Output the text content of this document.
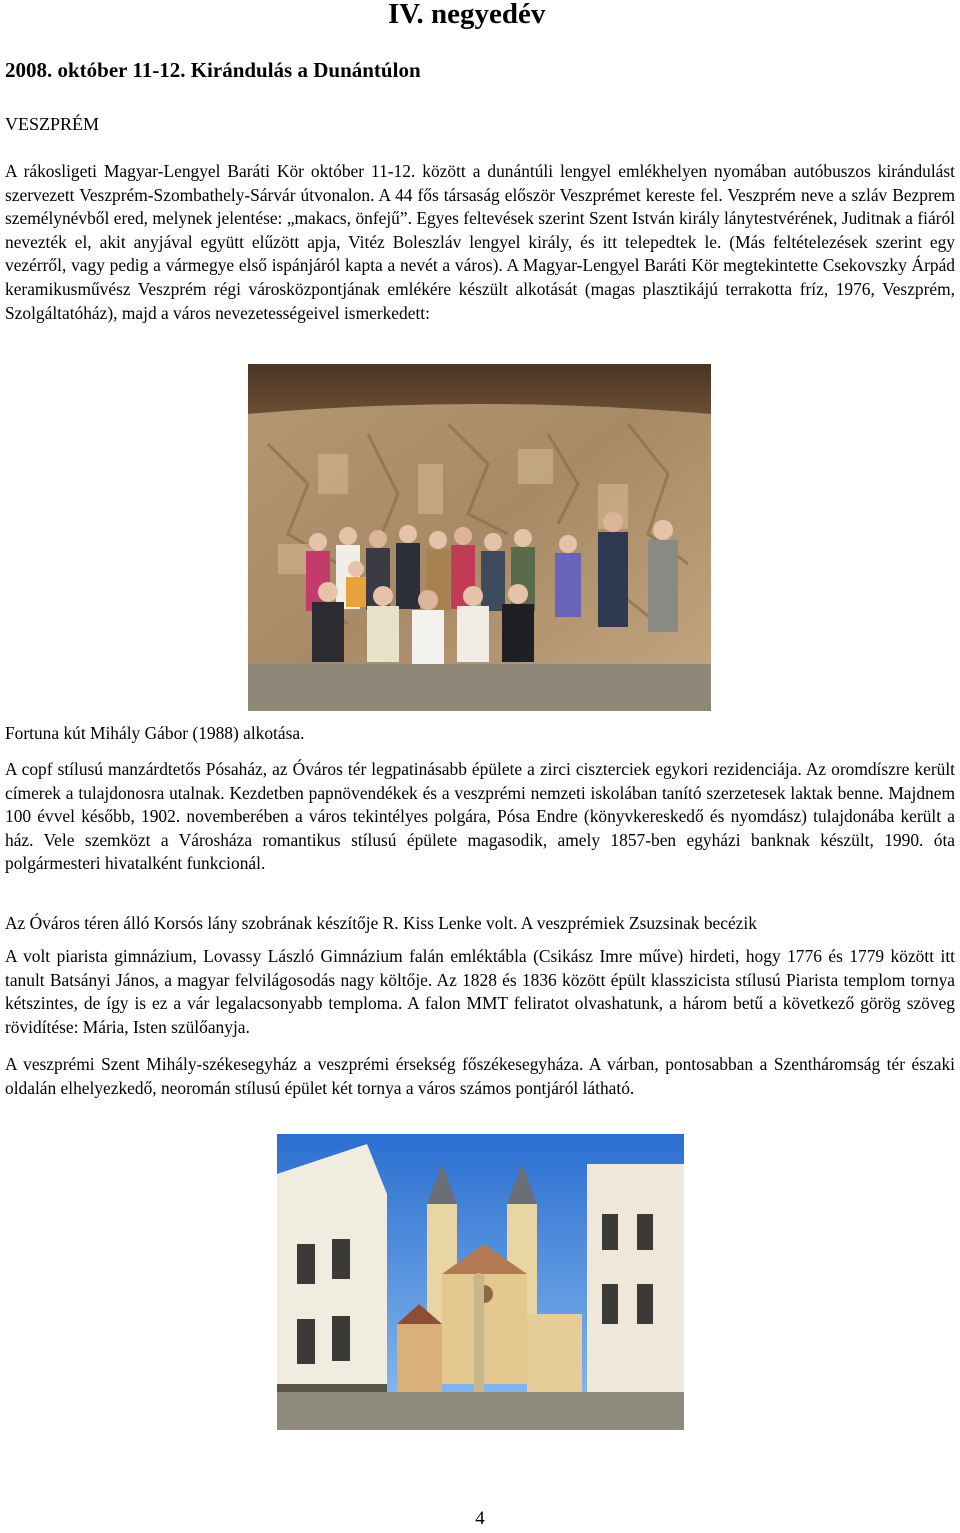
IV. negyedév
2008. október 11-12. Kirándulás a Dunántúlon

VESZPRÉM

A rákosligeti Magyar-Lengyel Baráti Kör október 11-12. között a dunántúli lengyel emlékhelyen nyomában autóbuszos kirándulást szervezett Veszprém-Szombathely-Sárvár útvonalon. A 44 fős társaság először Veszprémet kereste fel. Veszprém neve a szláv Bezprem személynévből ered, melynek jelentése: „makacs, önfejű”. Egyes feltevések szerint Szent István király lánytestvérének, Juditnak a fiáról nevezték el, akit anyjával együtt elűzött apja, Vitéz Boleszláv lengyel király, és itt telepedtek le. (Más feltételezések szerint egy vezérről, vagy pedig a vármegye első ispánjáról kapta a nevét a város). A Magyar-Lengyel Baráti Kör megtekintette Csekovszky Árpád keramikusművész Veszprém régi városközpontjának emlékére készült alkotását (magas plasztikájú terrakotta fríz, 1976, Veszprém, Szolgáltatóház), majd a város nevezetességeivel ismerkedett:

Fortuna kút Mihály Gábor (1988) alkotása.

A copf stílusú manzárdtetős Pósaház, az Óváros tér legpatinásabb épülete a zirci ciszterciek egykori rezidenciája. Az oromdíszre került címerek a tulajdonosra utalnak. Kezdetben papnövendékek és a veszprémi nemzeti iskolában tanító szerzetesek laktak benne. Majdnem 100 évvel később, 1902. novemberében a város tekintélyes polgára, Pósa Endre (könyvkereskedő és nyomdász) tulajdonába került a ház. Vele szemközt a Városháza romantikus stílusú épülete magasodik, amely 1857-ben egyházi banknak készült, 1990. óta polgármesteri hivatalként funkcionál.

Az Óváros téren álló Korsós lány szobrának készítője R. Kiss Lenke volt. A veszprémiek Zsuzsinak becézik

A volt piarista gimnázium, Lovassy László Gimnázium falán emléktábla (Csikász Imre műve) hirdeti, hogy 1776 és 1779 között itt tanult Batsányi János, a magyar felvilágosodás nagy költője. Az 1828 és 1836 között épült klasszicista stílusú Piarista templom tornya kétszintes, de így is ez a vár legalacsonyabb temploma. A falon MMT feliratot olvashatunk, a három betű a következő görög szöveg rövidítése: Mária, Isten szülőanyja.

A veszprémi Szent Mihály-székesegyház a veszprémi érsekség főszékesegyháza. A várban, pontosabban a Szentháromság tér északi oldalán elhelyezkedő, neoromán stílusú épület két tornya a város számos pontjáról látható.

4
